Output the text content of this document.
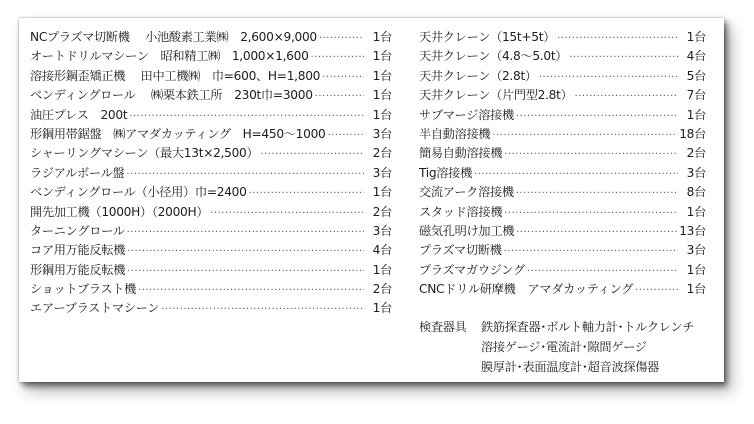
NCプラズマ切断機　 小池酸素工業㈱　2,600×9,000 ·····	1台
オートドリルマシーン　昭和精工㈱　1,000×1,600 ·····	1台
溶接形鋼歪矯正機　 田中工機㈱　巾=600、H=1,800 ·····	1台
ベンディングロール　 ㈱栗本鉄工所　230t巾=3000 ·····	1台
油圧プレス　200t ·····	1台
形鋼用帯鋸盤　㈱アマダカッティング　H=450～1000 ·····	3台
シャーリングマシーン（最大13t×2,500） ·····	2台
ラジアルボール盤 ·····	3台
ベンディングロール（小径用）巾=2400 ·····	1台
開先加工機（1000H）（2000H） ·····	2台
ターニングロール ·····	3台
コア用万能反転機 ·····	4台
形鋼用万能反転機 ·····	1台
ショットブラスト機 ·····	2台
エアーブラストマシーン ·····	1台
天井クレーン（15t+5t） ·····	1台
天井クレーン（4.8～5.0t） ·····	4台
天井クレーン（2.8t） ·····	5台
天井クレーン（片門型2.8t） ·····	7台
サブマージ溶接機 ·····	1台
半自動溶接機 ·····	18台
簡易自動溶接機 ·····	2台
Tig溶接機 ·····	3台
交流アーク溶接機 ·····	8台
スタッド溶接機 ·····	1台
磁気孔明け加工機 ·····	13台
プラズマ切断機 ·····	3台
プラズマガウジング ·····	1台
CNCドリル研摩機　アマダカッティング ·····	1台
検査器具	鉄筋探査器･ボルト軸力計･トルクレンチ
溶接ゲージ･電流計･隙間ゲージ
膜厚計･表面温度計･超音波探傷器
